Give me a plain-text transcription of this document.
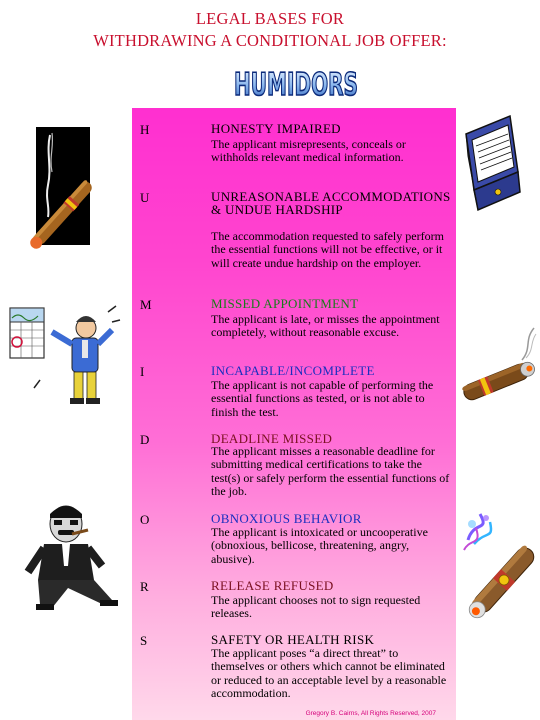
LEGAL BASES FOR
WITHDRAWING A CONDITIONAL JOB OFFER:
HUMIDORS
H	HONESTY IMPAIRED
The applicant misrepresents, conceals or withholds relevant medical information.
U	UNREASONABLE ACCOMMODATIONS & UNDUE HARDSHIP
The accommodation requested to safely perform the essential functions will not be effective, or it will create undue hardship on the employer.
M	MISSED APPOINTMENT
The applicant is late, or misses the appointment completely, without reasonable excuse.
I	INCAPABLE/INCOMPLETE
The applicant is not capable of performing the essential functions as tested, or is not able to finish the test.
D	DEADLINE MISSED
The applicant misses a reasonable deadline for submitting medical certifications to take the test(s) or safely perform the essential functions of the job.
O	OBNOXIOUS BEHAVIOR
The applicant is intoxicated or uncooperative (obnoxious, bellicose, threatening, angry, abusive).
R	RELEASE REFUSED
The applicant chooses not to sign requested releases.
S	SAFETY OR HEALTH RISK
The applicant poses “a direct threat” to themselves or others which cannot be eliminated or reduced to an acceptable level by a reasonable accommodation.
Gregory B. Cairns, All Rights Reserved, 2007
